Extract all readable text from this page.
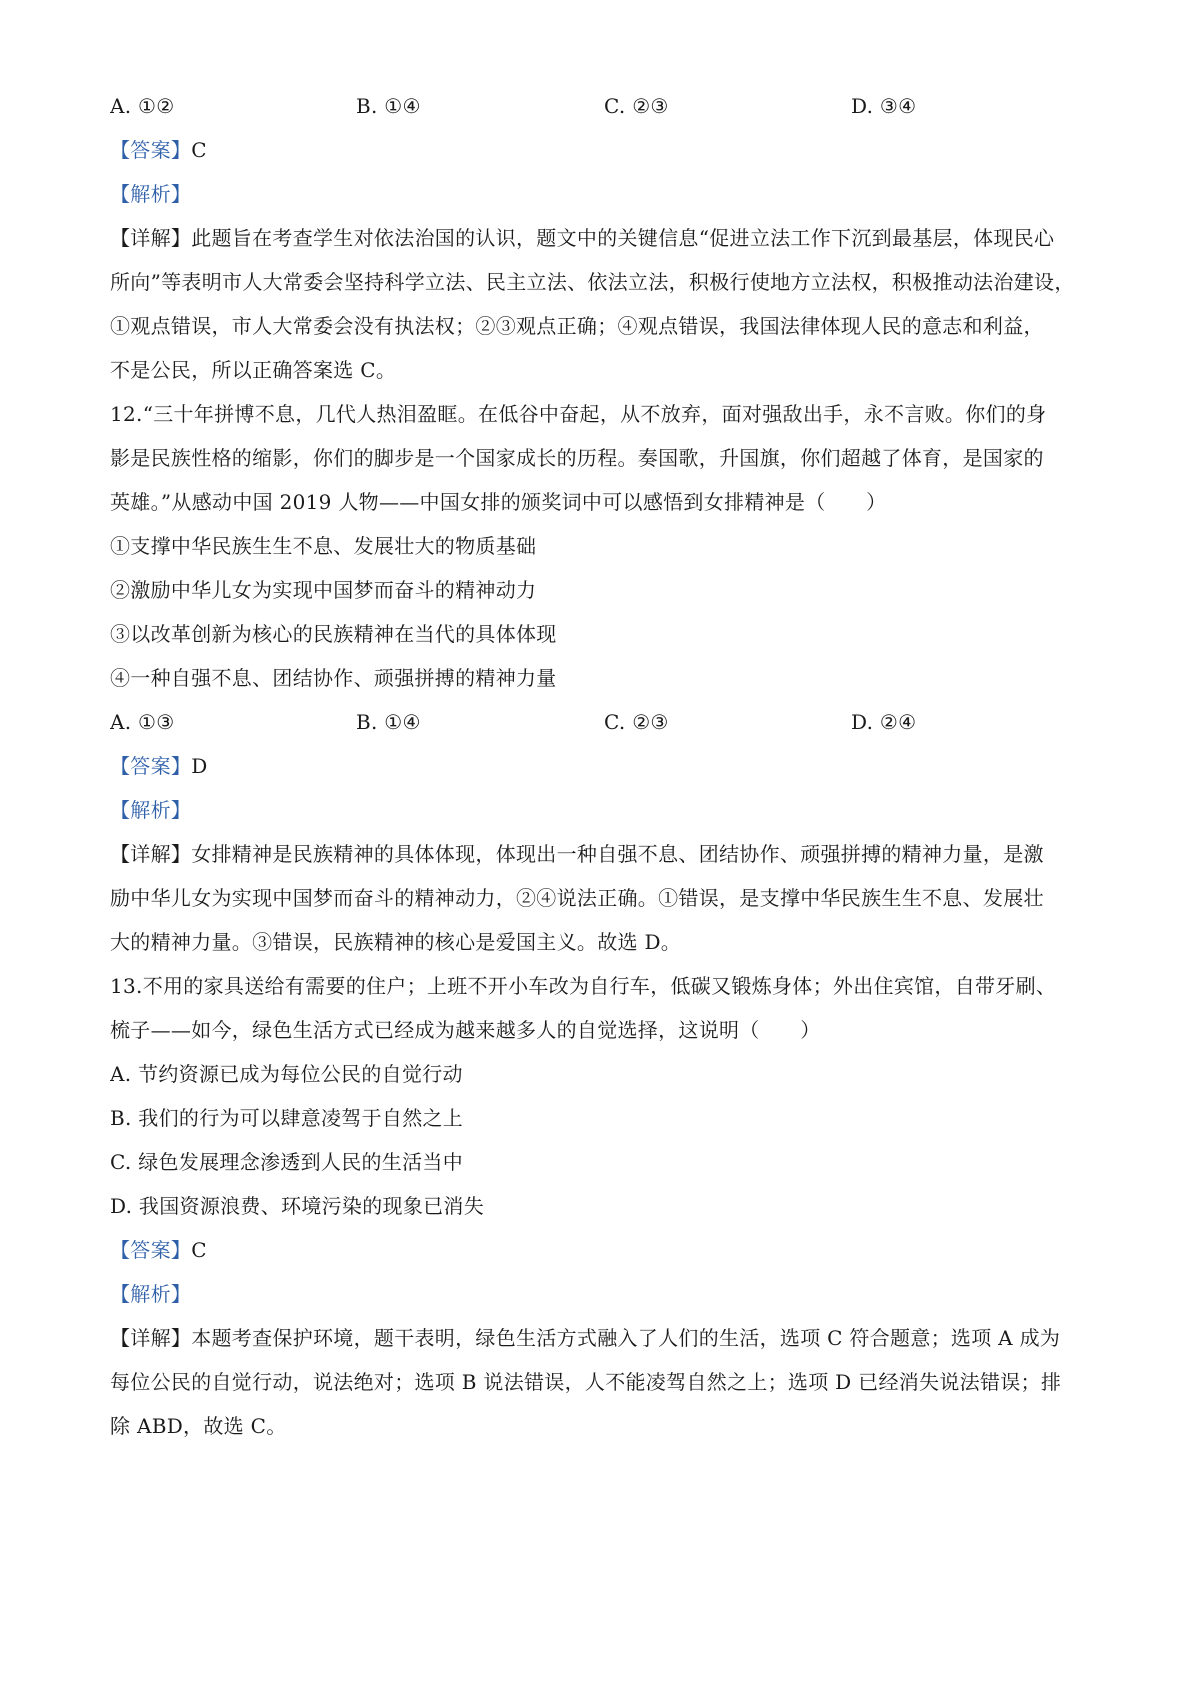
A. ①②	B. ①④	C. ②③	D. ③④
【答案】C
【解析】
【详解】此题旨在考查学生对依法治国的认识，题文中的关键信息“促进立法工作下沉到最基层，体现民心
所向”等表明市人大常委会坚持科学立法、民主立法、依法立法，积极行使地方立法权，积极推动法治建设，
①观点错误，市人大常委会没有执法权；②③观点正确；④观点错误，我国法律体现人民的意志和利益，
不是公民，所以正确答案选 C。
12.“三十年拼博不息，几代人热泪盈眶。在低谷中奋起，从不放弃，面对强敌出手，永不言败。你们的身
影是民族性格的缩影，你们的脚步是一个国家成长的历程。奏国歌，升国旗，你们超越了体育，是国家的
英雄。”从感动中国 2019 人物——中国女排的颁奖词中可以感悟到女排精神是（　　）
①支撑中华民族生生不息、发展壮大的物质基础
②激励中华儿女为实现中国梦而奋斗的精神动力
③以改革创新为核心的民族精神在当代的具体体现
④一种自强不息、团结协作、顽强拼搏的精神力量
A. ①③	B. ①④	C. ②③	D. ②④
【答案】D
【解析】
【详解】女排精神是民族精神的具体体现，体现出一种自强不息、团结协作、顽强拼搏的精神力量，是激
励中华儿女为实现中国梦而奋斗的精神动力，②④说法正确。①错误，是支撑中华民族生生不息、发展壮
大的精神力量。③错误，民族精神的核心是爱国主义。故选 D。
13.不用的家具送给有需要的住户；上班不开小车改为自行车，低碳又锻炼身体；外出住宾馆，自带牙刷、
梳子——如今，绿色生活方式已经成为越来越多人的自觉选择，这说明（　　）
A. 节约资源已成为每位公民的自觉行动
B. 我们的行为可以肆意凌驾于自然之上
C. 绿色发展理念渗透到人民的生活当中
D. 我国资源浪费、环境污染的现象已消失
【答案】C
【解析】
【详解】本题考查保护环境，题干表明，绿色生活方式融入了人们的生活，选项 C 符合题意；选项 A 成为
每位公民的自觉行动，说法绝对；选项 B 说法错误，人不能凌驾自然之上；选项 D 已经消失说法错误；排
除 ABD，故选 C。
